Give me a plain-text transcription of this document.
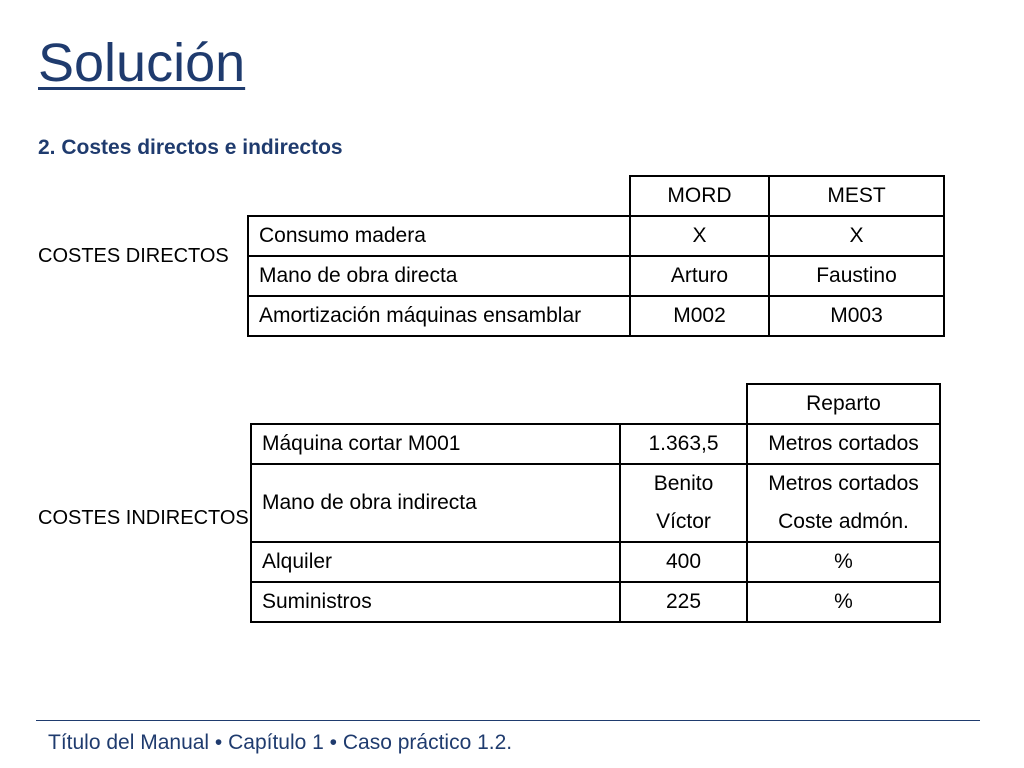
Solución
2. Costes directos e indirectos
COSTES DIRECTOS
	MORD	MEST
Consumo madera	X	X
Mano de obra directa	Arturo	Faustino
Amortización máquinas ensamblar	M002	M003
COSTES INDIRECTOS
		Reparto
Máquina cortar M001	1.363,5	Metros cortados
Mano de obra indirecta	Benito	Metros cortados
	Víctor	Coste admón.
Alquiler	400	%
Suministros	225	%
Título del Manual • Capítulo 1 • Caso práctico 1.2.
